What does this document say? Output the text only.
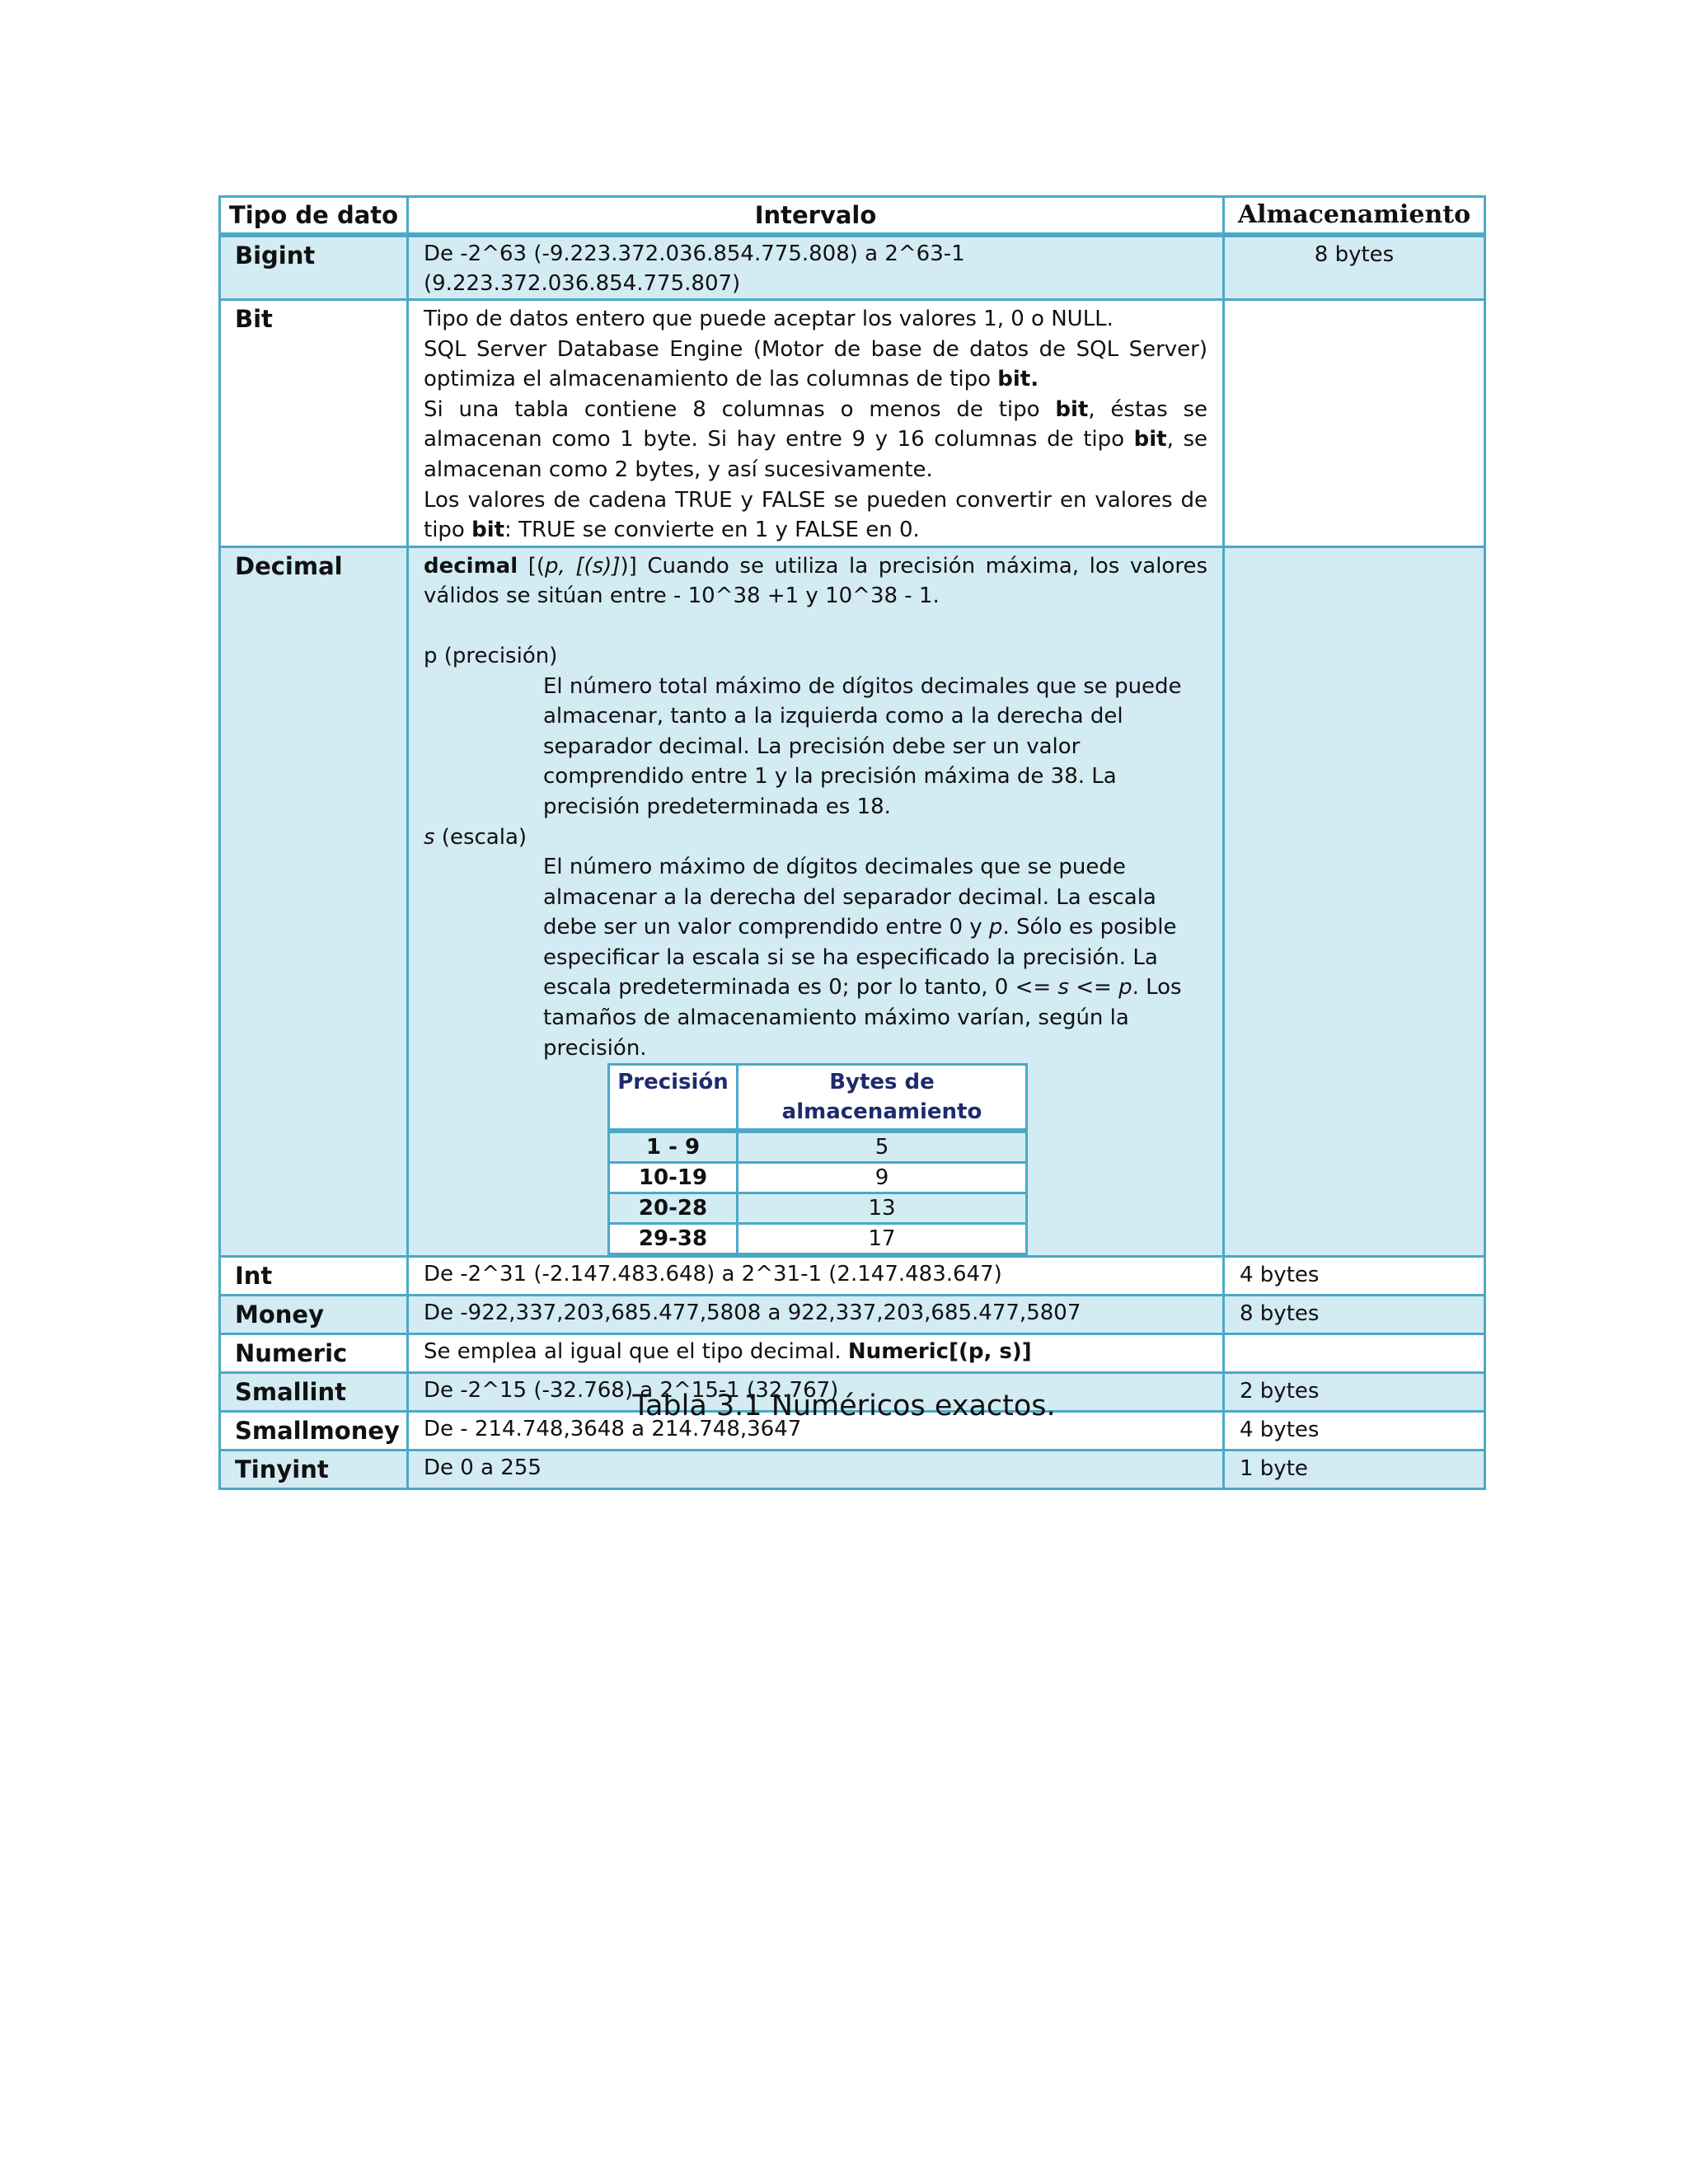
Tipo de dato	Intervalo	Almacenamiento
Bigint	De -2^63 (-9.223.372.036.854.775.808) a 2^63-1 (9.223.372.036.854.775.807)	8 bytes
Bit	Tipo de datos entero que puede aceptar los valores 1, 0 o NULL.
SQL Server Database Engine (Motor de base de datos de SQL Server) optimiza el almacenamiento de las columnas de tipo bit.
Si una tabla contiene 8 columnas o menos de tipo bit, éstas se almacenan como 1 byte. Si hay entre 9 y 16 columnas de tipo bit, se almacenan como 2 bytes, y así sucesivamente.
Los valores de cadena TRUE y FALSE se pueden convertir en valores de tipo bit: TRUE se convierte en 1 y FALSE en 0.

Decimal	decimal [(p, [(s)])] Cuando se utiliza la precisión máxima, los valores válidos se sitúan entre - 10^38 +1 y 10^38 - 1.
p (precisión)
El número total máximo de dígitos decimales que se puede almacenar, tanto a la izquierda como a la derecha del separador decimal. La precisión debe ser un valor comprendido entre 1 y la precisión máxima de 38. La precisión predeterminada es 18.
s (escala)
El número máximo de dígitos decimales que se puede almacenar a la derecha del separador decimal. La escala debe ser un valor comprendido entre 0 y p. Sólo es posible especificar la escala si se ha especificado la precisión. La escala predeterminada es 0; por lo tanto, 0 <= s <= p. Los tamaños de almacenamiento máximo varían, según la precisión.
Precisión	Bytes de almacenamiento
1 - 9	5
10-19	9
20-28	13
29-38	17

Int	De -2^31 (-2.147.483.648) a 2^31-1 (2.147.483.647)	4 bytes
Money	De -922,337,203,685.477,5808 a 922,337,203,685.477,5807	8 bytes
Numeric	Se emplea al igual que el tipo decimal. Numeric[(p, s)]	
Smallint	De -2^15 (-32.768) a 2^15-1 (32.767)	2 bytes
Smallmoney	De - 214.748,3648 a 214.748,3647	4 bytes
Tinyint	De 0 a 255	1 byte
Tabla 3.1 Numéricos exactos.
